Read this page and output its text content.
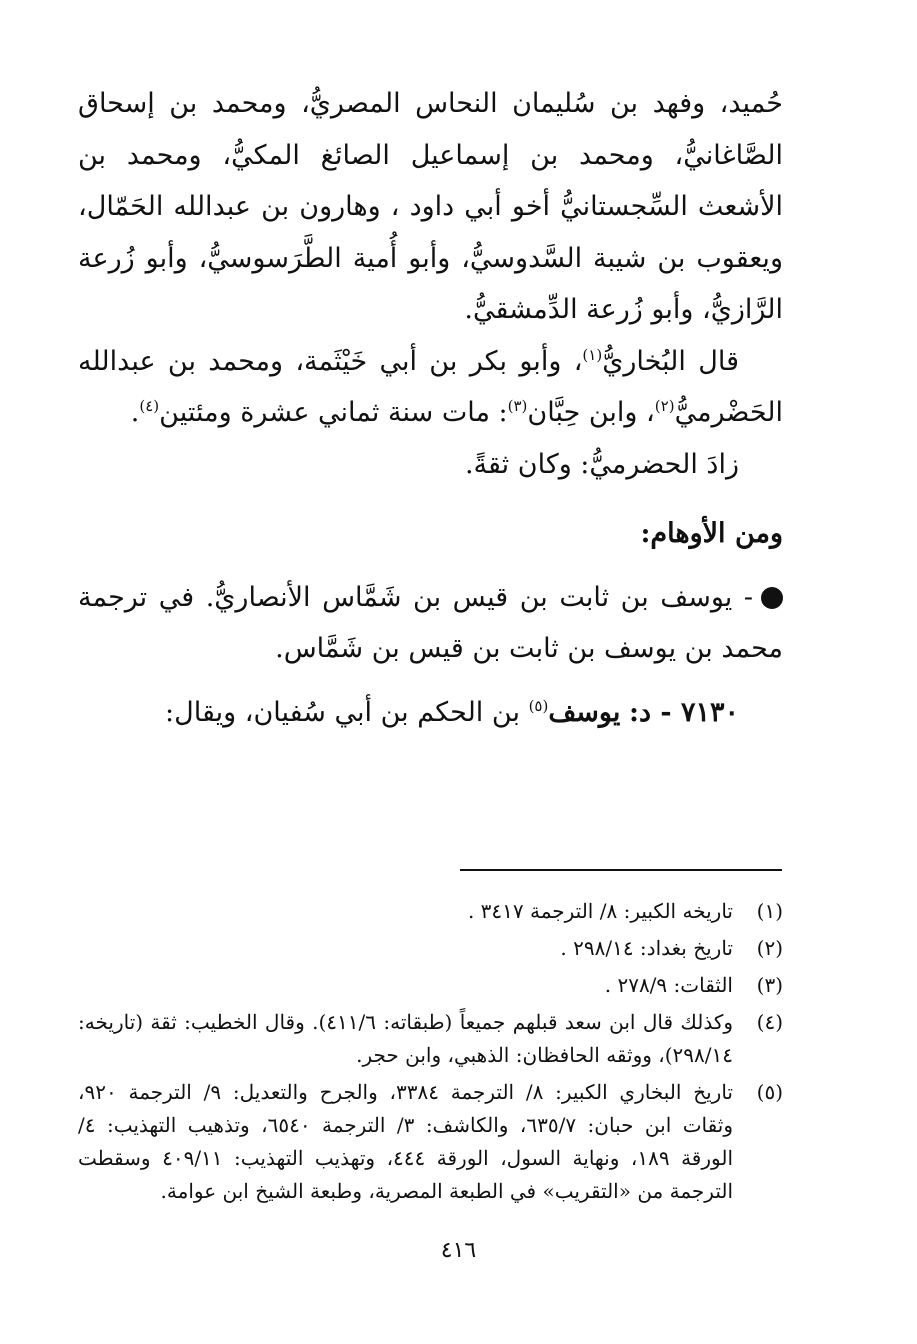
حُميد، وفهد بن سُليمان النحاس المصريُّ، ومحمد بن إسحاق الصَّاغانيُّ، ومحمد بن إسماعيل الصائغ المكيُّ، ومحمد بن الأشعث السِّجستانيُّ أخو أبي داود ، وهارون بن عبدالله الحَمّال، ويعقوب بن شيبة السَّدوسيُّ، وأبو أُمية الطَّرَسوسيُّ، وأبو زُرعة الرَّازيُّ، وأبو زُرعة الدِّمشقيُّ.

قال البُخاريُّ$^{(١)}$، وأبو بكر بن أبي خَيْثَمة، ومحمد بن عبدالله الحَضْرميُّ$^{(٢)}$، وابن حِبَّان$^{(٣)}$: مات سنة ثماني عشرة ومئتين$^{(٤)}$.

زادَ الحضرميُّ: وكان ثقةً.

ومن الأوهام:

- يوسف بن ثابت بن قيس بن شَمَّاس الأنصاريُّ. في ترجمة محمد بن يوسف بن ثابت بن قيس بن شَمَّاس.

٧١٣٠ - د: يوسف$^{(٥)}$ بن الحكم بن أبي سُفيان، ويقال:

(١)
تاريخه الكبير: ٨/ الترجمة ٣٤١٧ .
(٢)
تاريخ بغداد: ٢٩٨/١٤ .
(٣)
الثقات: ٢٧٨/٩ .
(٤)
وكذلك قال ابن سعد قبلهم جميعاً (طبقاته: ٤١١/٦). وقال الخطيب: ثقة (تاريخه: ٢٩٨/١٤)، ووثقه الحافظان: الذهبي، وابن حجر.
(٥)
تاريخ البخاري الكبير: ٨/ الترجمة ٣٣٨٤، والجرح والتعديل: ٩/ الترجمة ٩٢٠، وثقات ابن حبان: ٦٣٥/٧، والكاشف: ٣/ الترجمة ٦٥٤٠، وتذهيب التهذيب: ٤/ الورقة ١٨٩، ونهاية السول، الورقة ٤٤٤، وتهذيب التهذيب: ٤٠٩/١١ وسقطت الترجمة من «التقريب» في الطبعة المصرية، وطبعة الشيخ ابن عوامة.
٤١٦
